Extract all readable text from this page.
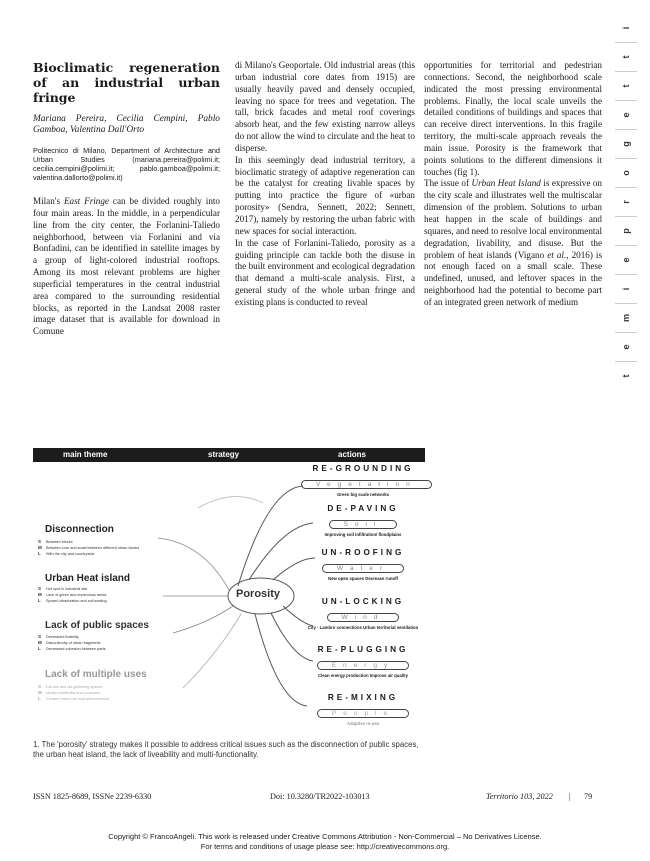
i
t
t
e
g
o
r
p
e
i
m
e
t
Bioclimatic regeneration of an industrial urban fringe
Mariana Pereira, Cecilia Cempini, Pablo Gamboa, Valentina Dall'Orto
Politecnico di Milano, Department of Architecture and Urban Studies (mariana.pereira@polimi.it; cecilia.cempini@polimi.it; pablo.gamboa@polimi.it; valentina.dallorto@polimi.it)

Milan's East Fringe can be divided roughly into four main areas. In the middle, in a perpendicular line from the city center, the Forlanini-Taliedo neighborhood, between via Forlanini and via Bonfadini, can be identified in satellite images by a group of light-colored industrial rooftops. Among its most relevant problems are higher superficial temperatures in the central industrial area compared to the surrounding residential blocks, as reported in the Landsat 2008 raster image dataset that is available for download in Comune

di Milano's Geoportale. Old industrial areas (this urban industrial core dates from 1915) are usually heavily paved and densely occupied, leaving no space for trees and vegetation. The tall, brick facades and metal roof coverings absorb heat, and the few existing narrow alleys do not allow the wind to circulate and the heat to disperse.

In this seemingly dead industrial territory, a bioclimatic strategy of adaptive regeneration can be the catalyst for creating livable spaces by putting into practice the figure of «urban porosity» (Sendra, Sennett, 2022; Sennett, 2017), namely by restoring the urban fabric with new spaces for social interaction.

In the case of Forlanini-Taliedo, porosity as a guiding principle can tackle both the disuse in the built environment and ecological degradation that demand a multi-scale analysis. First, a general study of the whole urban fringe and existing plans is conducted to reveal

opportunities for territorial and pedestrian connections. Second, the neighborhood scale indicated the most pressing environmental problems. Finally, the local scale unveils the detailed conditions of buildings and spaces that can receive direct interventions. In this fragile territory, the multi-scale approach reveals the main issue. Porosity is the framework that points solutions to the different dimensions it touches (fig 1).

The issue of Urban Heat Island is expressive on the city scale and illustrates well the multiscalar dimension of the problem. Solutions to urban heat happen in the scale of buildings and squares, and need to resolve local environmental degradation, livability, and disuse. But the problem of heat islands (Vigano et al., 2016) is not enough faced on a small scale. These undefined, unused, and leftover spaces in the neighborhood had the potential to become part of an integrated green network of medium

main theme	strategy	actions
Porosity
Disconnection
S Between blocks
M Between core and scale/between different urban blocks
L With the city and countryside
Urban Heat island
S Hot spot in industrial site
M Lack of green and impervious areas
L Sprawl urbanization and soil sealing
Lack of public spaces
S Decreased livability
M Discontinuity of urban fragments
L Decreased cohesion between parts
Lack of multiple uses
S Dis-use and dis-gathering spaces
M Mostly residential and economic
L Created mono-use and abandonment
RE-GROUNDING
Vegetation
Green big scale networks
DE-PAVING
Soil
Improving soil infiltration/ floodplains
UN-ROOFING
Water
New open spaces Decrease runoff
UN-LOCKING
Wind
City - Lambro connections Urban territorial ventilation
RE-PLUGGING
Energy
Clean energy production Improve air quality
RE-MIXING
People
Adaptive re-use
1. The 'porosity' strategy makes it possible to address critical issues such as the disconnection of public spaces, the urban heat island, the lack of liveability and multi-functionality.
ISSN 1825-8689, ISSNe 2239-6330	Doi: 10.3280/TR2022-103013	Territorio 103, 2022 | 79
Copyright © FrancoAngeli. This work is released under Creative Commons Attribution - Non-Commercial – No Derivatives License.
For terms and conditions of usage please see: http://creativecommons.org.
